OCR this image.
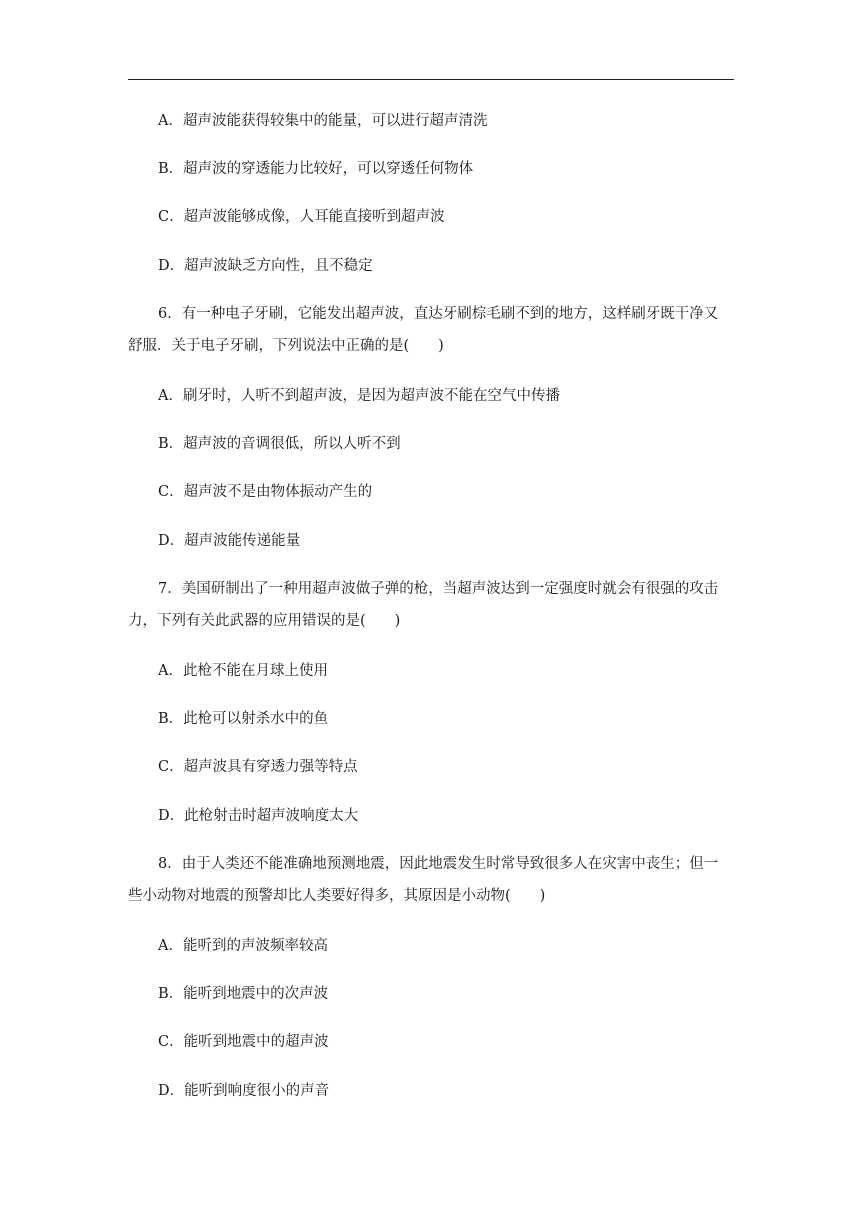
A．超声波能获得较集中的能量，可以进行超声清洗
B．超声波的穿透能力比较好，可以穿透任何物体
C．超声波能够成像，人耳能直接听到超声波
D．超声波缺乏方向性，且不稳定
6．有一种电子牙刷，它能发出超声波，直达牙刷棕毛刷不到的地方，这样刷牙既干净又
舒服．关于电子牙刷，下列说法中正确的是(　　)
A．刷牙时，人听不到超声波，是因为超声波不能在空气中传播
B．超声波的音调很低，所以人听不到
C．超声波不是由物体振动产生的
D．超声波能传递能量
7．美国研制出了一种用超声波做子弹的枪，当超声波达到一定强度时就会有很强的攻击
力，下列有关此武器的应用错误的是(　　)
A．此枪不能在月球上使用
B．此枪可以射杀水中的鱼
C．超声波具有穿透力强等特点
D．此枪射击时超声波响度太大
8．由于人类还不能准确地预测地震，因此地震发生时常导致很多人在灾害中丧生；但一
些小动物对地震的预警却比人类要好得多，其原因是小动物(　　)
A．能听到的声波频率较高
B．能听到地震中的次声波
C．能听到地震中的超声波
D．能听到响度很小的声音
